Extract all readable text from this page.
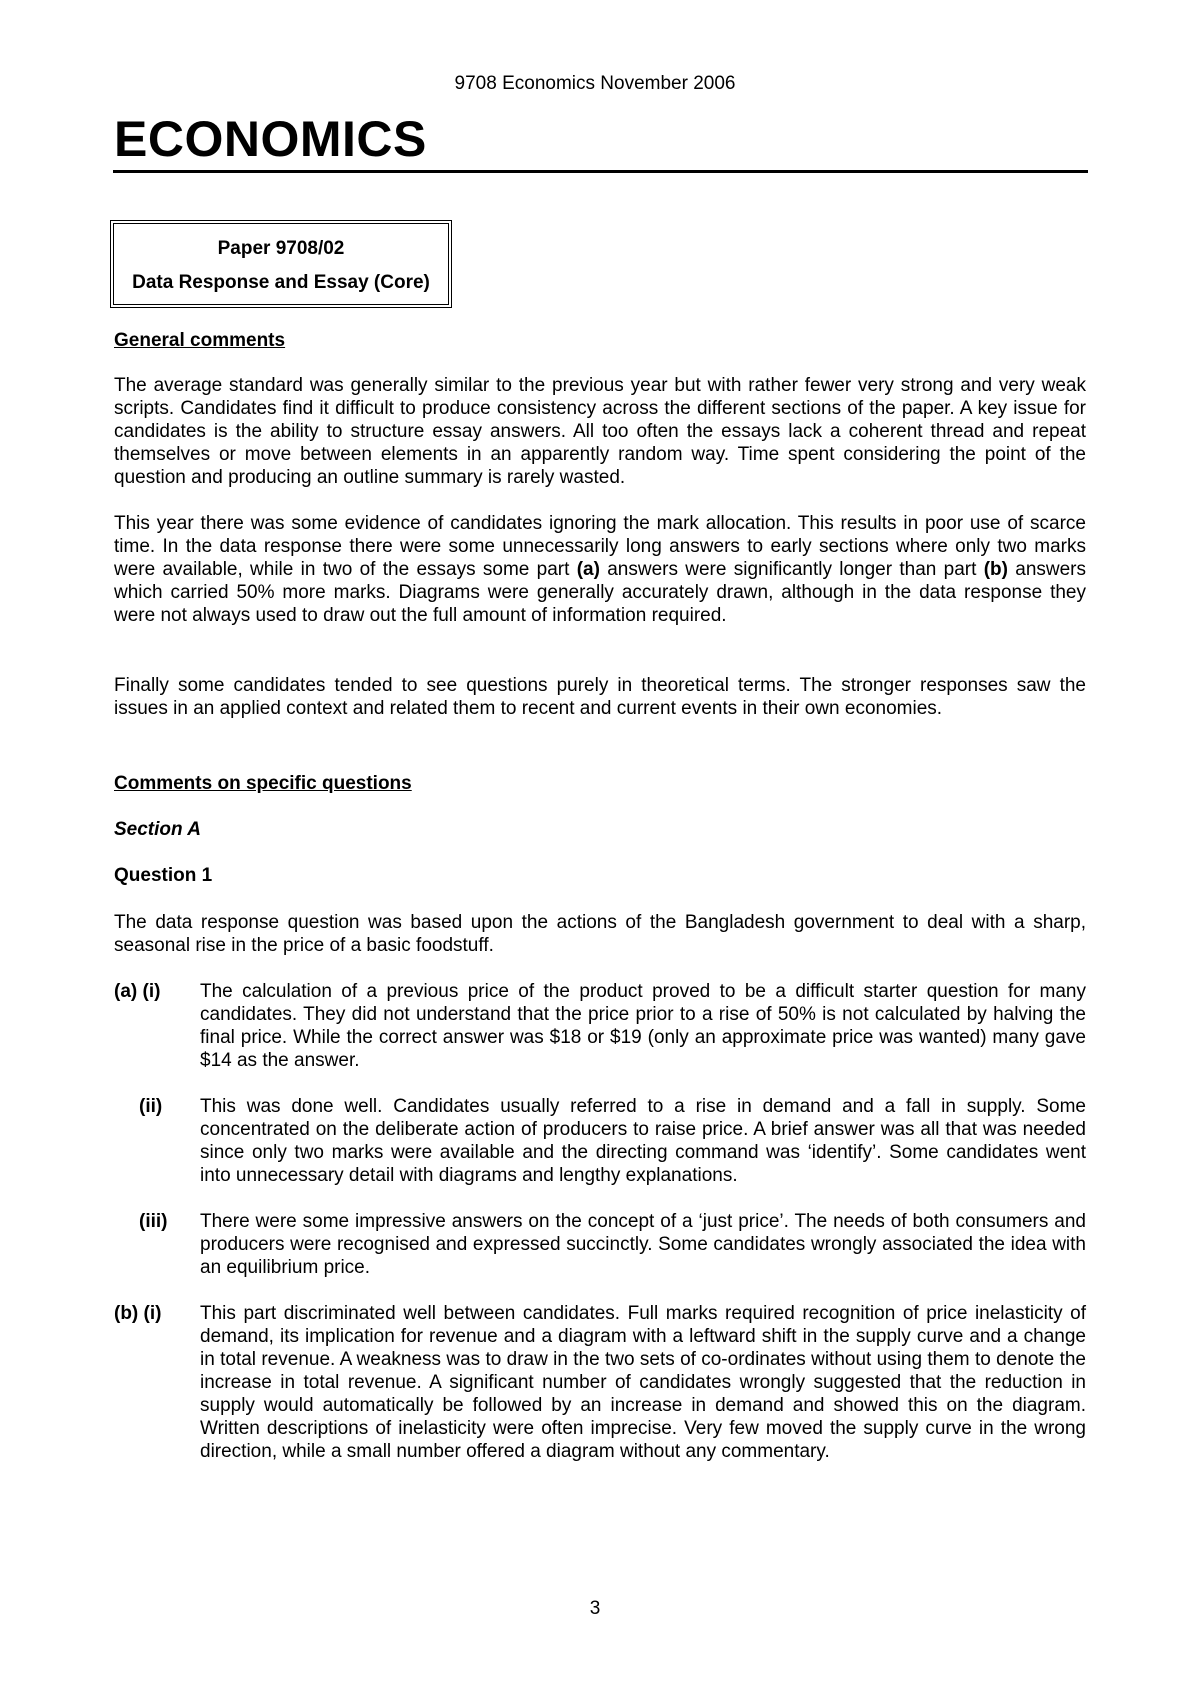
9708 Economics November 2006
ECONOMICS
Paper 9708/02
Data Response and Essay (Core)
General comments

The average standard was generally similar to the previous year but with rather fewer very strong and very weak scripts. Candidates find it difficult to produce consistency across the different sections of the paper. A key issue for candidates is the ability to structure essay answers. All too often the essays lack a coherent thread and repeat themselves or move between elements in an apparently random way. Time spent considering the point of the question and producing an outline summary is rarely wasted.

This year there was some evidence of candidates ignoring the mark allocation. This results in poor use of scarce time. In the data response there were some unnecessarily long answers to early sections where only two marks were available, while in two of the essays some part (a) answers were significantly longer than part (b) answers which carried 50% more marks. Diagrams were generally accurately drawn, although in the data response they were not always used to draw out the full amount of information required.

Finally some candidates tended to see questions purely in theoretical terms. The stronger responses saw the issues in an applied context and related them to recent and current events in their own economies.

Comments on specific questions
Section A
Question 1

The data response question was based upon the actions of the Bangladesh government to deal with a sharp, seasonal rise in the price of a basic foodstuff.

(a) (i) The calculation of a previous price of the product proved to be a difficult starter question for many candidates. They did not understand that the price prior to a rise of 50% is not calculated by halving the final price. While the correct answer was $18 or $19 (only an approximate price was wanted) many gave $14 as the answer.
(ii) This was done well. Candidates usually referred to a rise in demand and a fall in supply. Some concentrated on the deliberate action of producers to raise price. A brief answer was all that was needed since only two marks were available and the directing command was ‘identify’. Some candidates went into unnecessary detail with diagrams and lengthy explanations.
(iii) There were some impressive answers on the concept of a ‘just price’. The needs of both consumers and producers were recognised and expressed succinctly. Some candidates wrongly associated the idea with an equilibrium price.
(b) (i) This part discriminated well between candidates. Full marks required recognition of price inelasticity of demand, its implication for revenue and a diagram with a leftward shift in the supply curve and a change in total revenue. A weakness was to draw in the two sets of co-ordinates without using them to denote the increase in total revenue. A significant number of candidates wrongly suggested that the reduction in supply would automatically be followed by an increase in demand and showed this on the diagram. Written descriptions of inelasticity were often imprecise. Very few moved the supply curve in the wrong direction, while a small number offered a diagram without any commentary.
3
